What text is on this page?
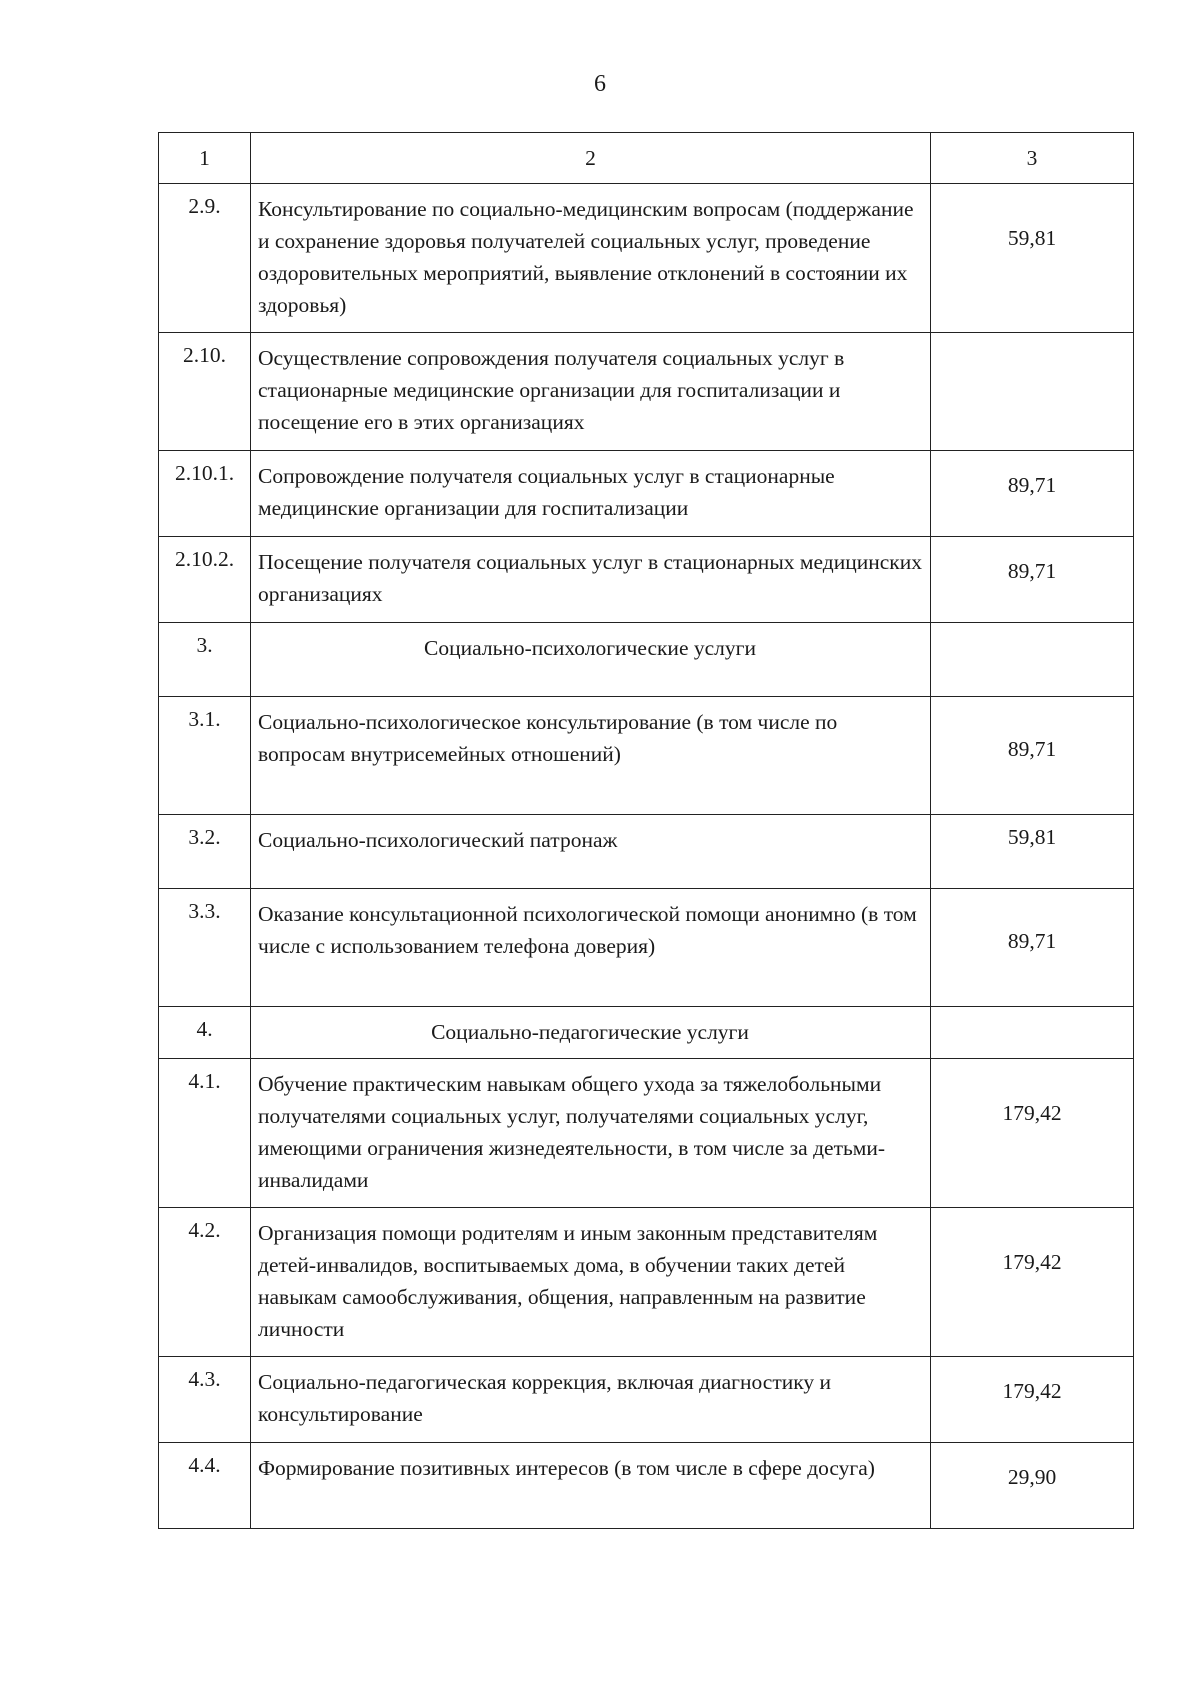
6
1	2	3
2.9.	Консультирование по социально-медицинским вопросам (поддержание и сохранение здоровья получателей социальных услуг, проведение оздоровительных мероприятий, выявление отклонений в состоянии их здоровья)	59,81
2.10.	Осуществление сопровождения получателя социальных услуг в стационарные медицинские организации для госпитализации и посещение его в этих организациях	
2.10.1.	Сопровождение получателя социальных услуг в стационарные медицинские организации для госпитализации	89,71
2.10.2.	Посещение получателя социальных услуг в стационарных медицинских организациях	89,71
3.	Социально-психологические услуги	
3.1.	Социально-психологическое консультирование (в том числе по вопросам внутрисемейных отношений)	89,71
3.2.	Социально-психологический патронаж	59,81
3.3.	Оказание консультационной психологической помощи анонимно (в том числе с использованием телефона доверия)	89,71
4.	Социально-педагогические услуги	
4.1.	Обучение практическим навыкам общего ухода за тяжелобольными получателями социальных услуг, получателями социальных услуг, имеющими ограничения жизнедеятельности, в том числе за детьми-инвалидами	179,42
4.2.	Организация помощи родителям и иным законным представителям детей-инвалидов, воспитываемых дома, в обучении таких детей навыкам самообслуживания, общения, направленным на развитие личности	179,42
4.3.	Социально-педагогическая коррекция, включая диагностику и консультирование	179,42
4.4.	Формирование позитивных интересов (в том числе в сфере досуга)	29,90
